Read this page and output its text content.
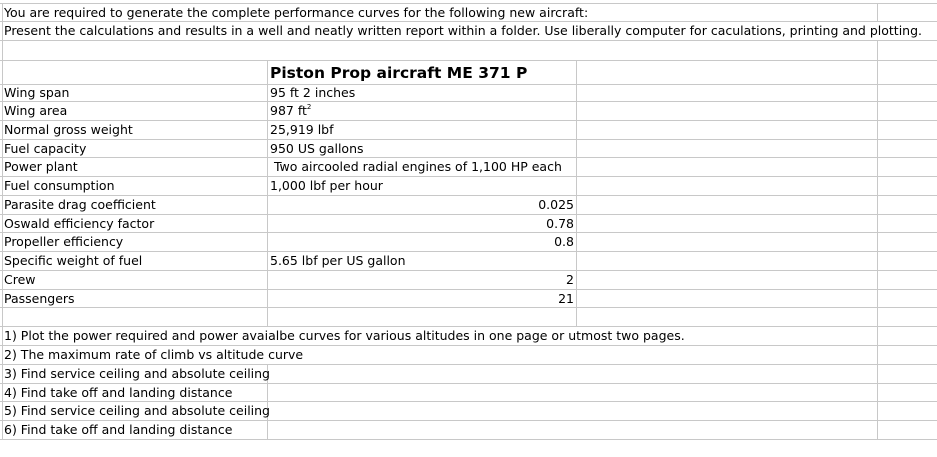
You are required to generate the complete performance curves for the following new aircraft:
Present the calculations and results in a well and neatly written report within a folder. Use liberally computer for caculations, printing and plotting.
Piston Prop aircraft ME 371 P
Wing span
Wing area
Normal gross weight
Fuel capacity
Power plant
Fuel consumption
Parasite drag coefficient
Oswald efficiency factor
Propeller efficiency
Specific weight of fuel
Crew
Passengers
95 ft 2 inches
987 $ft^2$
25,919 lbf
950 US gallons
Two aircooled radial engines of 1,100 HP each
1,000 lbf per hour
5.65 lbf per US gallon
0.025
0.78
0.8
2
21
1) Plot the power required and power avaialbe curves for various altitudes in one page or utmost two pages.
2) The maximum rate of climb vs altitude curve
3) Find service ceiling and absolute ceiling
4) Find take off and landing distance
5) Find service ceiling and absolute ceiling
6) Find take off and landing distance
